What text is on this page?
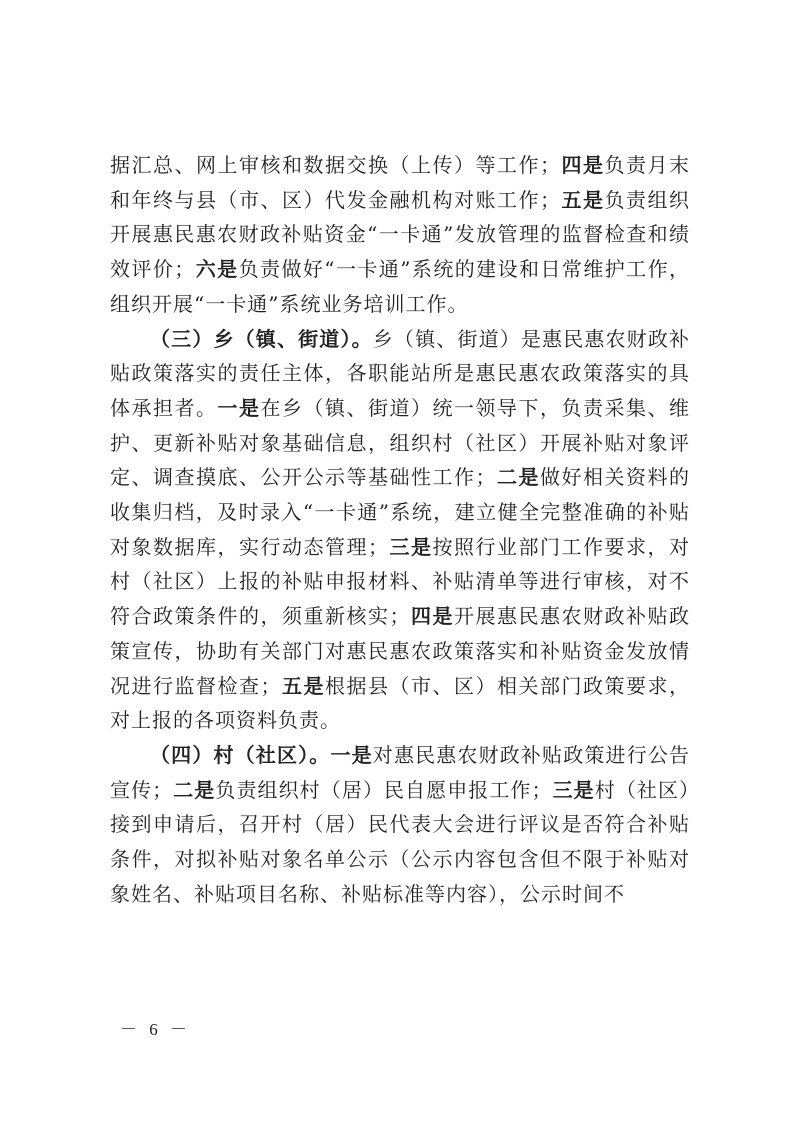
据汇总、网上审核和数据交换（上传）等工作；四是负责月末和年终与县（市、区）代发金融机构对账工作；五是负责组织开展惠民惠农财政补贴资金“一卡通”发放管理的监督检查和绩效评价；六是负责做好“一卡通”系统的建设和日常维护工作，组织开展“一卡通”系统业务培训工作。

（三）乡（镇、街道）。乡（镇、街道）是惠民惠农财政补贴政策落实的责任主体，各职能站所是惠民惠农政策落实的具体承担者。一是在乡（镇、街道）统一领导下，负责采集、维护、更新补贴对象基础信息，组织村（社区）开展补贴对象评定、调查摸底、公开公示等基础性工作；二是做好相关资料的收集归档，及时录入“一卡通”系统，建立健全完整准确的补贴对象数据库，实行动态管理；三是按照行业部门工作要求，对村（社区）上报的补贴申报材料、补贴清单等进行审核，对不符合政策条件的，须重新核实；四是开展惠民惠农财政补贴政策宣传，协助有关部门对惠民惠农政策落实和补贴资金发放情况进行监督检查；五是根据县（市、区）相关部门政策要求，对上报的各项资料负责。

（四）村（社区）。一是对惠民惠农财政补贴政策进行公告宣传；二是负责组织村（居）民自愿申报工作；三是村（社区）接到申请后，召开村（居）民代表大会进行评议是否符合补贴条件，对拟补贴对象名单公示（公示内容包含但不限于补贴对象姓名、补贴项目名称、补贴标准等内容），公示时间不

－ 6 －
